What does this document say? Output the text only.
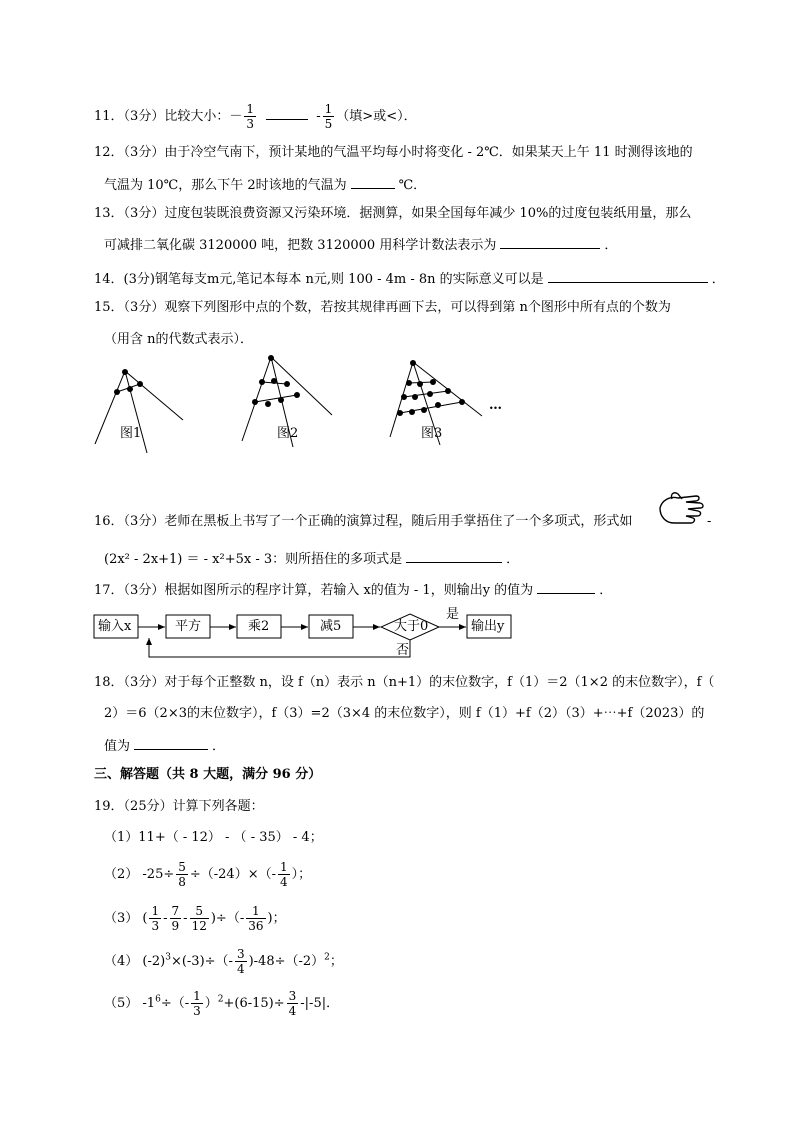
11．（3分）比较大小：－ $\frac{1}{3}$	- $\frac{1}{5}$ （填>或<）．
12．（3分）由于冷空气南下，预计某地的气温平均每小时将变化 - 2℃．如果某天上午 11 时测得该地的
气温为 10℃，那么下午 2时该地的气温为	℃．
13．（3分）过度包装既浪费资源又污染环境．据测算，如果全国每年减少 10%的过度包装纸用量，那么
可减排二氧化碳 3120000 吨，把数 3120000 用科学计数法表示为	．
14．(3分)钢笔每支m元,笔记本每本 n元,则 100 - 4m - 8n 的实际意义可以是	．
15．（3分）观察下列图形中点的个数，若按其规律再画下去，可以得到第 n个图形中所有点的个数为
（用含 n的代数式表示）．
图1	图2	图3
…
16．（3分）老师在黑板上书写了一个正确的演算过程，随后用手掌捂住了一个多项式，形式如	-
(2x² - 2x+1) ＝ - x²+5x - 3：则所捂住的多项式是	．
17．（3分）根据如图所示的程序计算，若输入 x的值为 - 1，则输出y 的值为	．
输入x	平方	乘2	减5	大于0
是
否
输出y
18．（3分）对于每个正整数 n，设 f（n）表示 n（n+1）的末位数字，f（1）＝2（1×2 的末位数字），f（
2）＝6（2×3的末位数字），f（3）=2（3×4 的末位数字），则 f（1）+f（2）（3）+⋯+f（2023）的
值为	．
三、解答题（共 8 大题，满分 96 分）
19．（25分）计算下列各题：
（1）11+（ - 12） - （ - 35） - 4；
（2） $-25\div \frac{5}{8} \div(-24)\times(- \frac{1}{4}$ ）；
（3） ( $\frac{1}{3} - \frac{7}{9} - \frac{5}{12}$ )÷（- $\frac{1}{36}$ )；
（4） $(-2)^3\times(-3)\div(- \frac{3}{4} )-48\div(-2)^2$；
（5） $-1^6\div(- \frac{1}{3} )^2+(6-15)\div \frac{3}{4} -|-5|$．
